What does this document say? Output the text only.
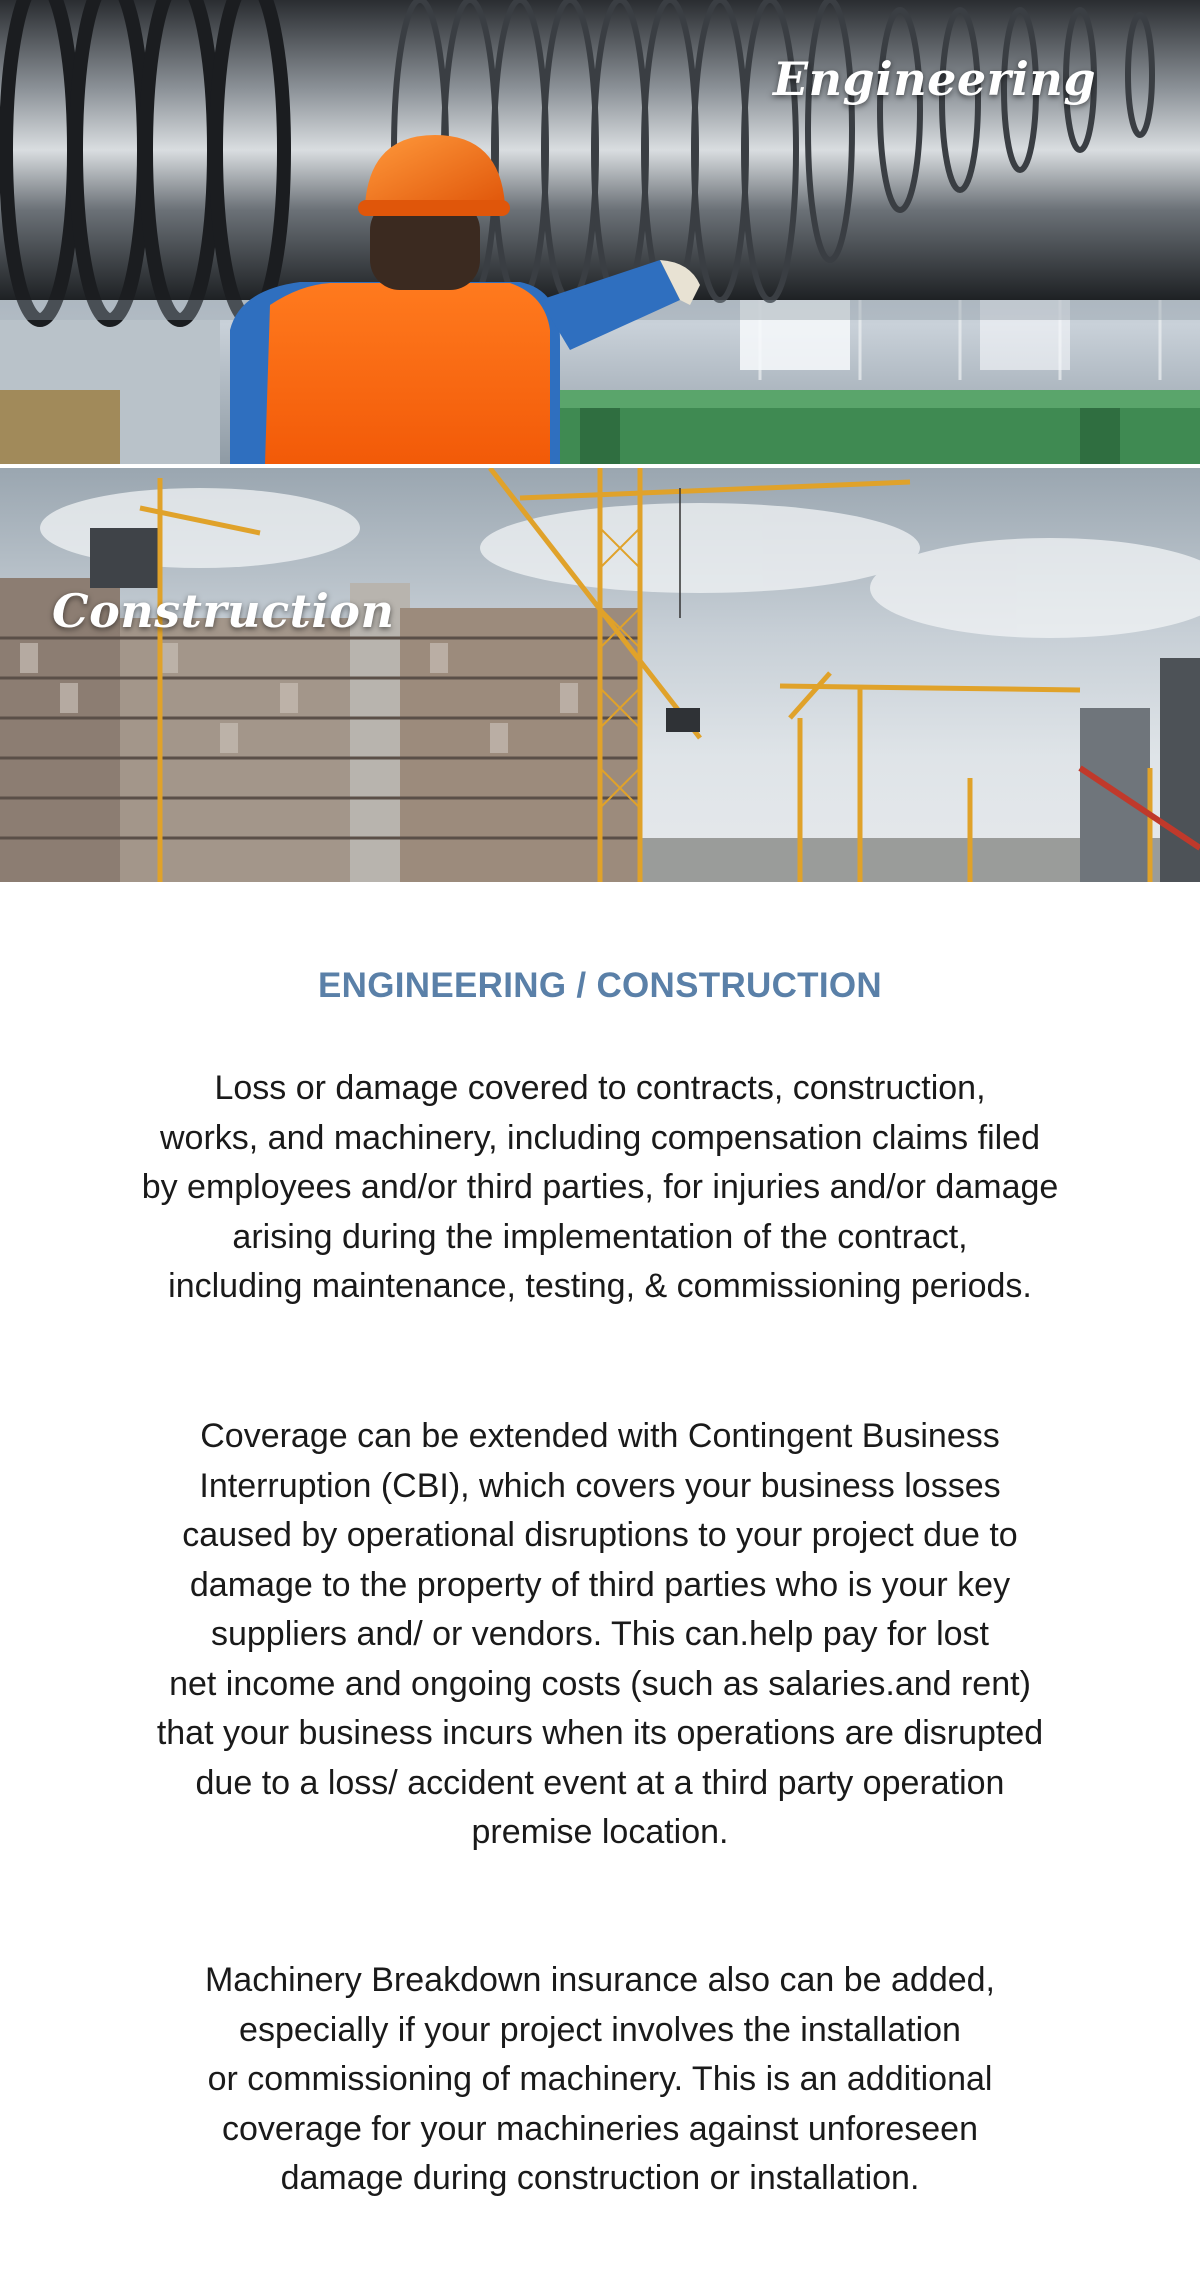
Engineering
Construction
ENGINEERING / CONSTRUCTION

Loss or damage covered to contracts, construction,
works, and machinery, including compensation claims filed
by employees and/or third parties, for injuries and/or damage
arising during the implementation of the contract,
including maintenance, testing, & commissioning periods.

Coverage can be extended with Contingent Business
Interruption (CBI), which covers your business losses
caused by operational disruptions to your project due to
damage to the property of third parties who is your key
suppliers and/ or vendors. This can.help pay for lost
net income and ongoing costs (such as salaries.and rent)
that your business incurs when its operations are disrupted
due to a loss/ accident event at a third party operation
premise location.

Machinery Breakdown insurance also can be added,
especially if your project involves the installation
or commissioning of machinery. This is an additional
coverage for your machineries against unforeseen
damage during construction or installation.
